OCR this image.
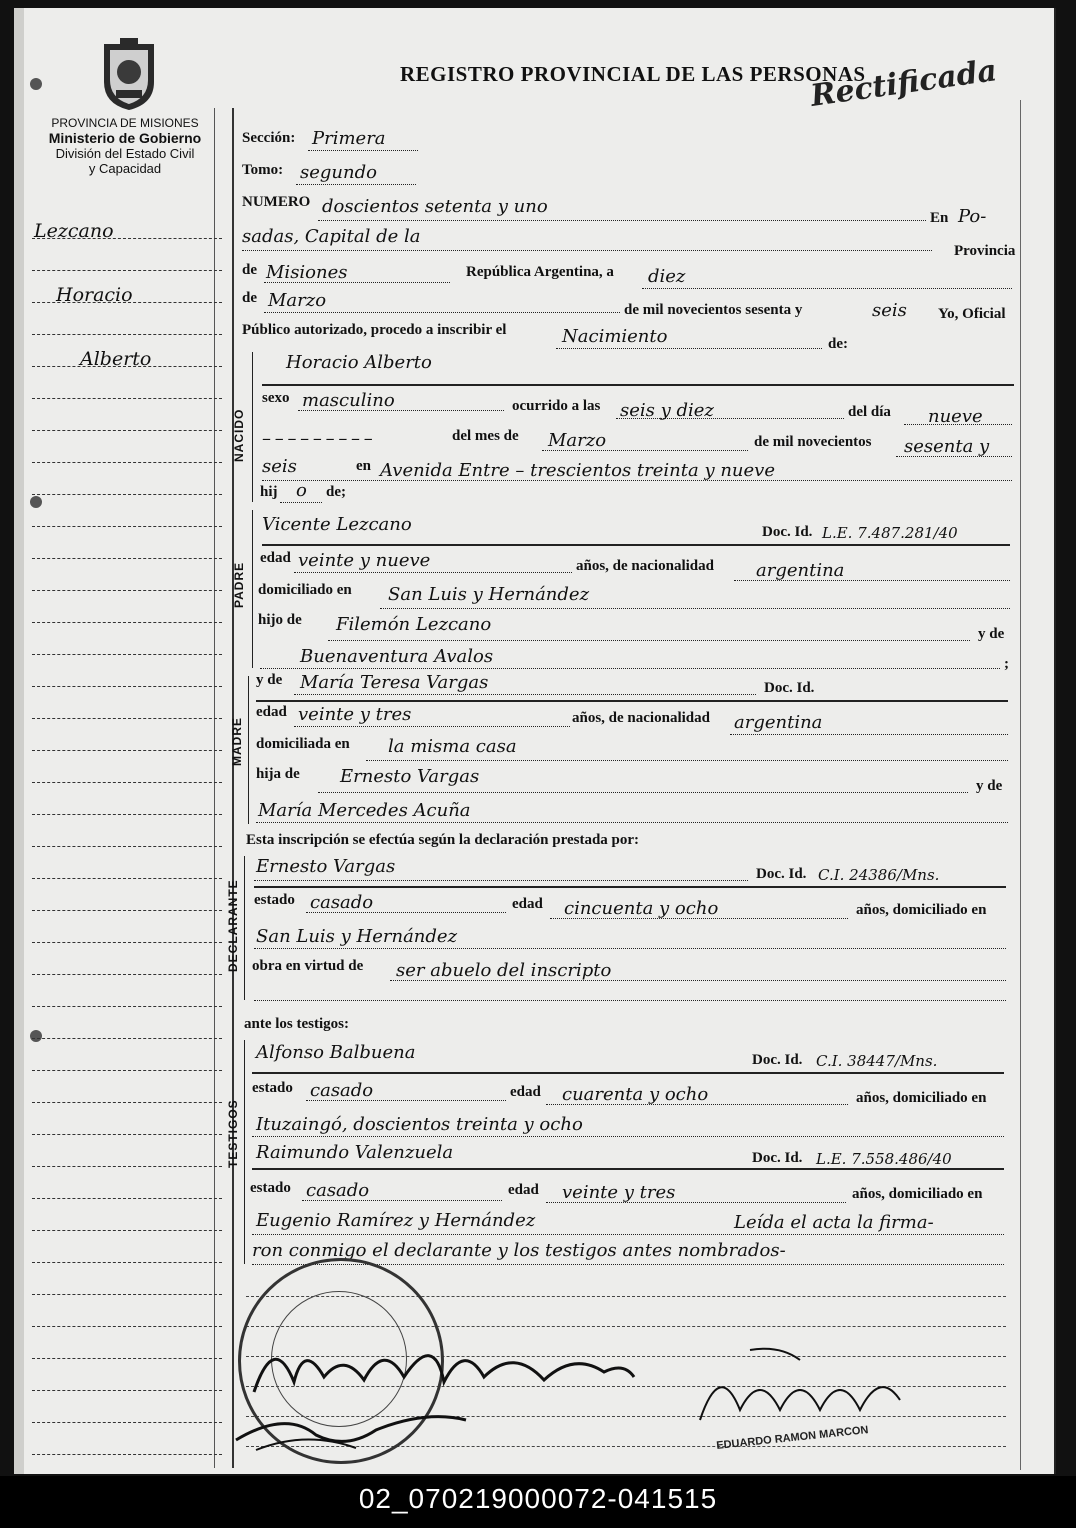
REGISTRO PROVINCIAL DE LAS PERSONAS
Rectificada
PROVINCIA DE MISIONES
Ministerio de Gobierno
División del Estado Civil
y Capacidad
Lezcano
Horacio
Alberto
Sección: Primera
Tomo: segundo
NUMERO doscientos setenta y uno
En Po-
sadas, Capital de la
Provincia
de Misiones	República Argentina, a diez
de Marzo	de mil novecientos sesenta y	seis Yo, Oficial
Público autorizado, procedo a inscribir el	Nacimiento	de:
NACIDO
Horacio Alberto
sexo masculino	ocurrido a las seis y diez	del día nueve
– – – – – – – – –	del mes de Marzo	de mil novecientos sesenta y
seis	en Avenida Entre – trescientos treinta y nueve
hij o de;
PADRE
Vicente Lezcano	Doc. Id. L.E. 7.487.281/40
edad veinte y nueve	años, de nacionalidad argentina
domiciliado en San Luis y Hernández
hijo de Filemón Lezcano	y de
Buenaventura Avalos	;
MADRE
y de María Teresa Vargas	Doc. Id.
edad veinte y tres	años, de nacionalidad argentina
domiciliada en la misma casa
hija de Ernesto Vargas	y de
María Mercedes Acuña
Esta inscripción se efectúa según la declaración prestada por:
DECLARANTE
Ernesto Vargas	Doc. Id. C.I. 24386/Mns.
estado casado	edad cincuenta y ocho	años, domiciliado en
San Luis y Hernández
obra en virtud de ser abuelo del inscripto
ante los testigos:
TESTIGOS
Alfonso Balbuena	Doc. Id. C.I. 38447/Mns.
estado casado	edad cuarenta y ocho	años, domiciliado en
Ituzaingó, doscientos treinta y ocho
Raimundo Valenzuela	Doc. Id. L.E. 7.558.486/40
estado casado	edad veinte y tres	años, domiciliado en
Eugenio Ramírez y Hernández	Leída el acta la firma-
ron conmigo el declarante y los testigos antes nombrados-
EDUARDO RAMON MARCON
02_070219000072-041515
